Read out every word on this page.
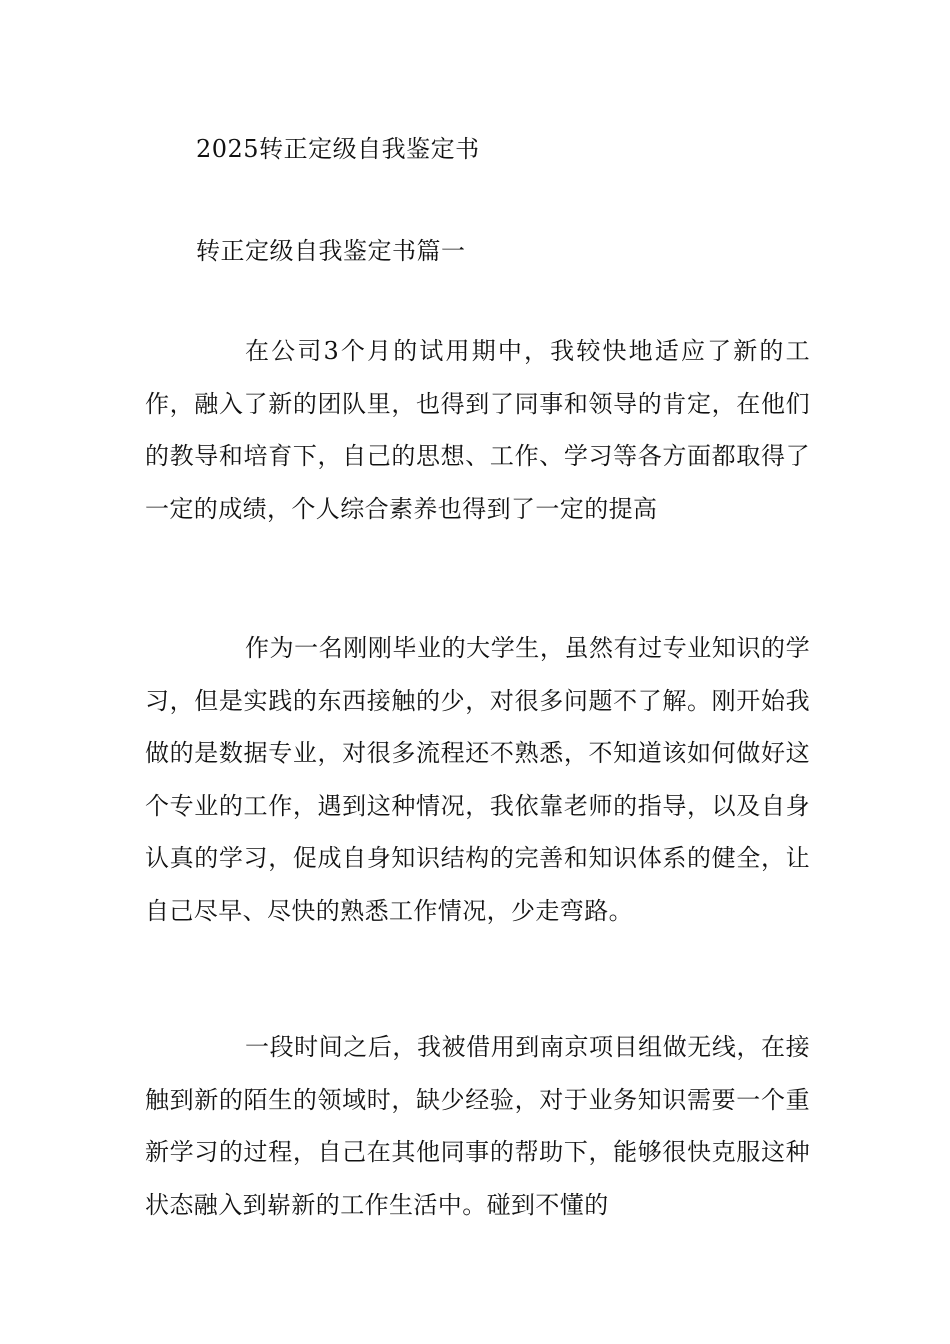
2025转正定级自我鉴定书
转正定级自我鉴定书篇一
在公司3个月的试用期中，我较快地适应了新的工作，融入了新的团队里，也得到了同事和领导的肯定，在他们的教导和培育下，自己的思想、工作、学习等各方面都取得了一定的成绩，个人综合素养也得到了一定的提高
作为一名刚刚毕业的大学生，虽然有过专业知识的学习，但是实践的东西接触的少，对很多问题不了解。刚开始我做的是数据专业，对很多流程还不熟悉，不知道该如何做好这个专业的工作，遇到这种情况，我依靠老师的指导，以及自身认真的学习，促成自身知识结构的完善和知识体系的健全，让自己尽早、尽快的熟悉工作情况，少走弯路。
一段时间之后，我被借用到南京项目组做无线，在接触到新的陌生的领域时，缺少经验，对于业务知识需要一个重新学习的过程，自己在其他同事的帮助下，能够很快克服这种状态融入到崭新的工作生活中。碰到不懂的
